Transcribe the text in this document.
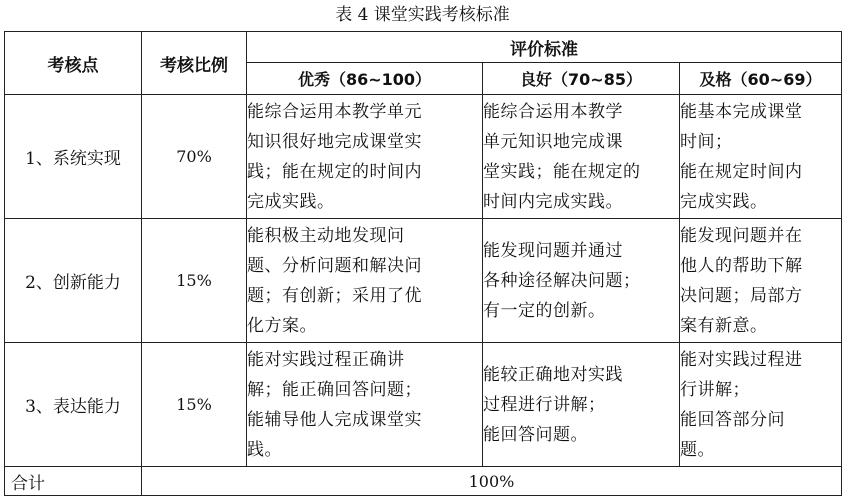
表 4 课堂实践考核标准
考核点	考核比例	评价标准		
		优秀（86~100）	良好（70~85）	及格（60~69）
1、系统实现	70%	能综合运用本教学单元
知识很好地完成课堂实
践；能在规定的时间内
完成实践。	能综合运用本教学
单元知识地完成课
堂实践；能在规定的
时间内完成实践。	能基本完成课堂
时间；
能在规定时间内
完成实践。

2、创新能力	15%	能积极主动地发现问
题、分析问题和解决问
题；有创新；采用了优
化方案。	能发现问题并通过
各种途径解决问题；
有一定的创新。	能发现问题并在
他人的帮助下解
决问题；局部方
案有新意。

3、表达能力	15%	能对实践过程正确讲
解；能正确回答问题；
能辅导他人完成课堂实
践。	能较正确地对实践
过程进行讲解；
能回答问题。	能对实践过程进
行讲解；
能回答部分问
题。

合计	100%			
